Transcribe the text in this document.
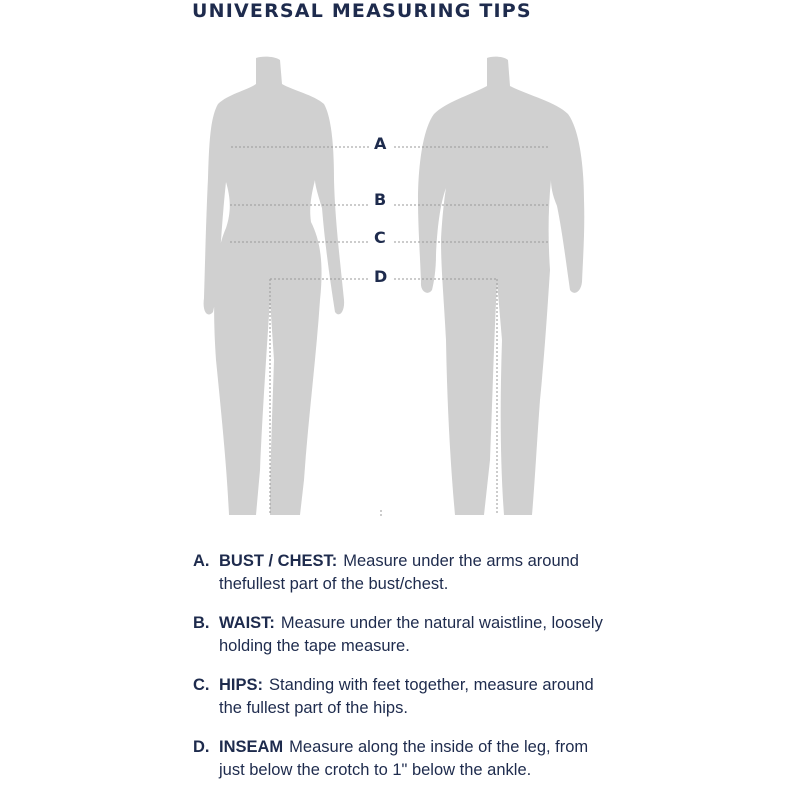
UNIVERSAL MEASURING TIPS
A
B
C
D
A. BUST / CHEST: Measure under the arms around
thefullest part of the bust/chest.
B. WAIST: Measure under the natural waistline, loosely
holding the tape measure.
C. HIPS: Standing with feet together, measure around
the fullest part of the hips.
D. INSEAM Measure along the inside of the leg, from
just below the crotch to 1" below the ankle.
